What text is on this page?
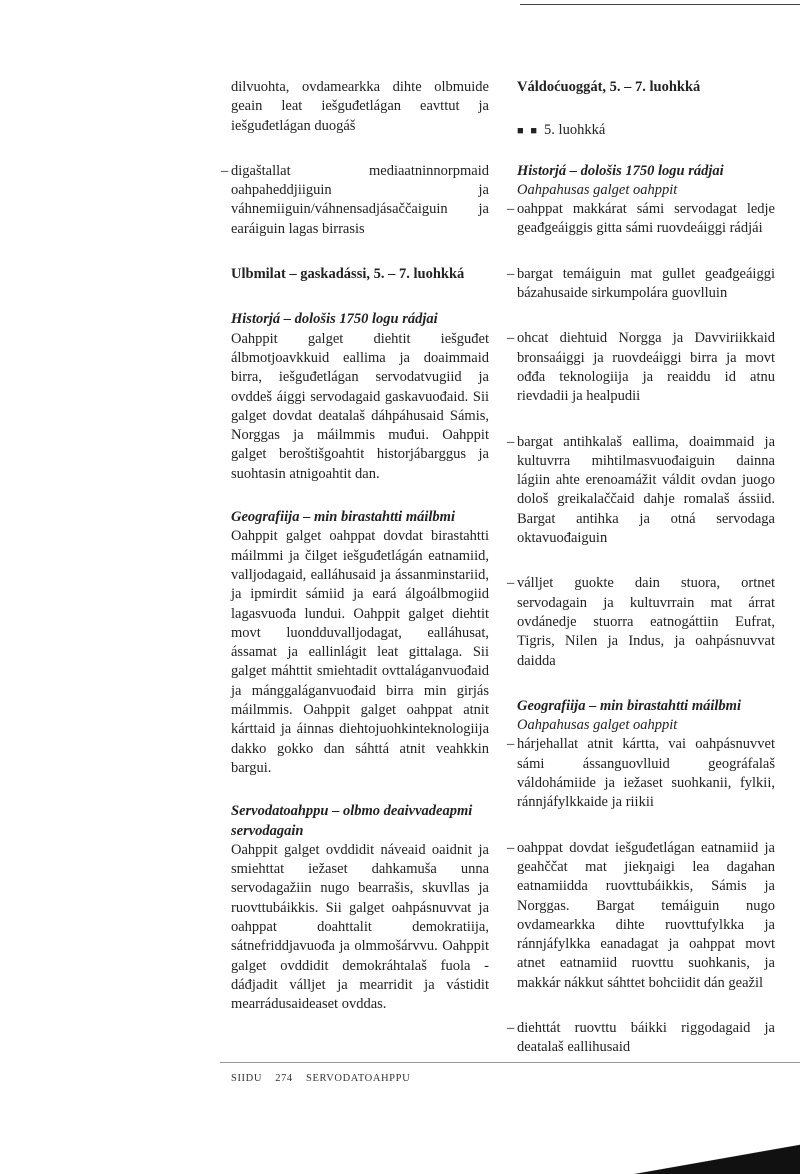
dilvuohta, ovdamearkka dihte olbmuide geain leat iešguđetlágan eavttut ja iešguđetlágan duogáš

– digaštallat mediaatninnorpmaid oahpaheddjiiguin ja váhnemiiguin/váhnensadjásaččaiguin ja earáiguin lagas birrasis

Ulbmilat – gaskadássi, 5. – 7. luohkká

Historjá – dološis 1750 logu rádjai

Oahppit galget diehtit iešguđet álbmotjoavkkuid eallima ja doaimmaid birra, iešguđetlágan servodatvugiid ja ovddeš áiggi servodagaid gaskavuođaid. Sii galget dovdat deatalaš dáhpáhusaid Sámis, Norggas ja máilmmis muđui. Oahppit galget beroštišgoahtit historjábarggus ja suohtasin atnigoahtit dan.

Geografiija – min birastahtti máilbmi

Oahppit galget oahppat dovdat birastahtti máilmmi ja čilget iešguđetlágán eatnamiid, valljodagaid, ealláhusaid ja ássanminstariid, ja ipmirdit sámiid ja eará álgoálbmogiid lagasvuođa lundui. Oahppit galget diehtit movt luondduvalljodagat, ealláhusat, ássamat ja eallinlágit leat gittalaga. Sii galget máhttit smiehtadit ovttaláganvuođaid ja mánggaláganvuođaid birra min girjás máilmmis. Oahppit galget oahppat atnit kárttaid ja áinnas diehtojuohkinteknologiija dakko gokko dan sáhttá atnit veahkkin bargui.

Servodatoahppu – olbmo deaivvadeapmi servodagain

Oahppit galget ovddidit náveaid oaidnit ja smiehttat iežaset dahkamuša unna servodagažiin nugo bearrašis, skuvllas ja ruovttubáikkis. Sii galget oahpásnuvvat ja oahppat doahttalit demokratiija, sátnefriddjavuođa ja olmmošárvvu. Oahppit galget ovddidit demokráhtalaš fuola - dáđjadit vállјet ja mearridit ja vástidit mearrádusaideaset ovddas.

Váldoćuoggát, 5. – 7. luohkká

■ ■ 5. luohkká

Historjá – dološis 1750 logu rádjai

Oahpahusas galget oahppit

– oahppat makkárat sámi servodagat ledje geađgeáiggis gitta sámi ruovdeáiggi rádjái
– bargat temáiguin mat gullet geađgeáiggi bázahusaide sirkumpolára guovlluin
– ohcat diehtuid Norgga ja Davviriikkaid bronsaáiggi ja ruovdeáiggi birra ja movt ođđa teknologiija ja reaiddu id atnu rievdadii ja healpudii
– bargat antihkalaš eallima, doaimmaid ja kultuvrra mihtilmasvuođaiguin dainna lágiin ahte erenoamážit váldit ovdan juogo dološ greikalaččaid dahje romalaš ássiid. Bargat antihka ja otná servodaga oktavuođaiguin
– válljet guokte dain stuora, ortnet servodagain ja kultuvrrain mat árrat ovdánedje stuorra eatnogáttiin Eufrat, Tigris, Nilen ja Indus, ja oahpásnuvvat daidda

Geografiija – min birastahtti máilbmi

Oahpahusas galget oahppit

– hárjehallat atnit kártta, vai oahpásnuvvet sámi ássanguovlluid geográfalaš váldohámiide ja iežaset suohkanii, fylkii, ránnjáfylkkaide ja riikii
– oahppat dovdat iešguđetlágan eatnamiid ja geahččat mat jiekŋaigi lea dagahan eatnamiidda ruovttubáikkis, Sámis ja Norggas. Bargat temáiguin nugo ovdamearkka dihte ruovttufylkka ja ránnjáfylkka eanadagat ja oahppat movt atnet eatnamiid ruovttu suohkanis, ja makkár nákkut sáhttet bohciidit dán geažil
– diehttát ruovttu báikki riggodagaid ja deatalaš eallihusaid
SIIDU 274 SERVODATOAHPPU
